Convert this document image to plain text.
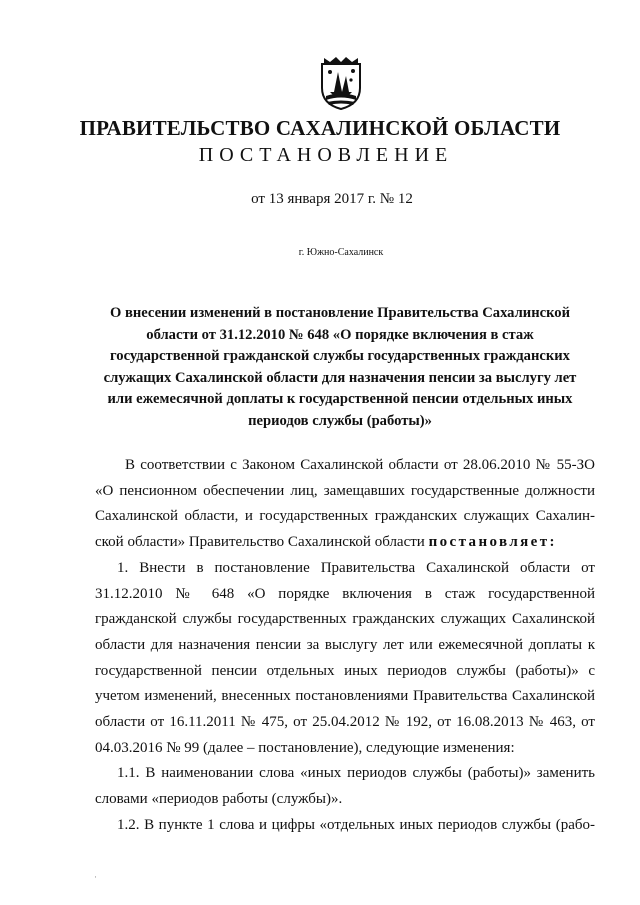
ПРАВИТЕЛЬСТВО САХАЛИНСКОЙ ОБЛАСТИ
ПОСТАНОВЛЕНИЕ
от 13 января 2017 г. № 12
г. Южно-Сахалинск
О внесении изменений в постановление Правительства Сахалинской
области от 31.12.2010 № 648 «О порядке включения в стаж
государственной гражданской службы государственных гражданских
служащих Сахалинской области для назначения пенсии за выслугу лет
или ежемесячной доплаты к государственной пенсии отдельных иных
периодов службы (работы)»
В соответствии с Законом Сахалинской области от 28.06.2010 № 55-ЗО
«О пенсионном обеспечении лиц, замещавших государственные должности
Сахалинской области, и государственных гражданских служащих Сахалин-
ской области» Правительство Сахалинской области постановляет:
1. Внести в постановление Правительства Сахалинской области от
31.12.2010 № 648 «О порядке включения в стаж государственной
гражданской службы государственных гражданских служащих Сахалинской
области для назначения пенсии за выслугу лет или ежемесячной доплаты к
государственной пенсии отдельных иных периодов службы (работы)» с
учетом изменений, внесенных постановлениями Правительства Сахалинской
области от 16.11.2011 № 475, от 25.04.2012 № 192, от 16.08.2013 № 463, от
04.03.2016 № 99 (далее – постановление), следующие изменения:
1.1. В наименовании слова «иных периодов службы (работы)» заменить
словами «периодов работы (службы)».
1.2. В пункте 1 слова и цифры «отдельных иных периодов службы (рабо-
·
